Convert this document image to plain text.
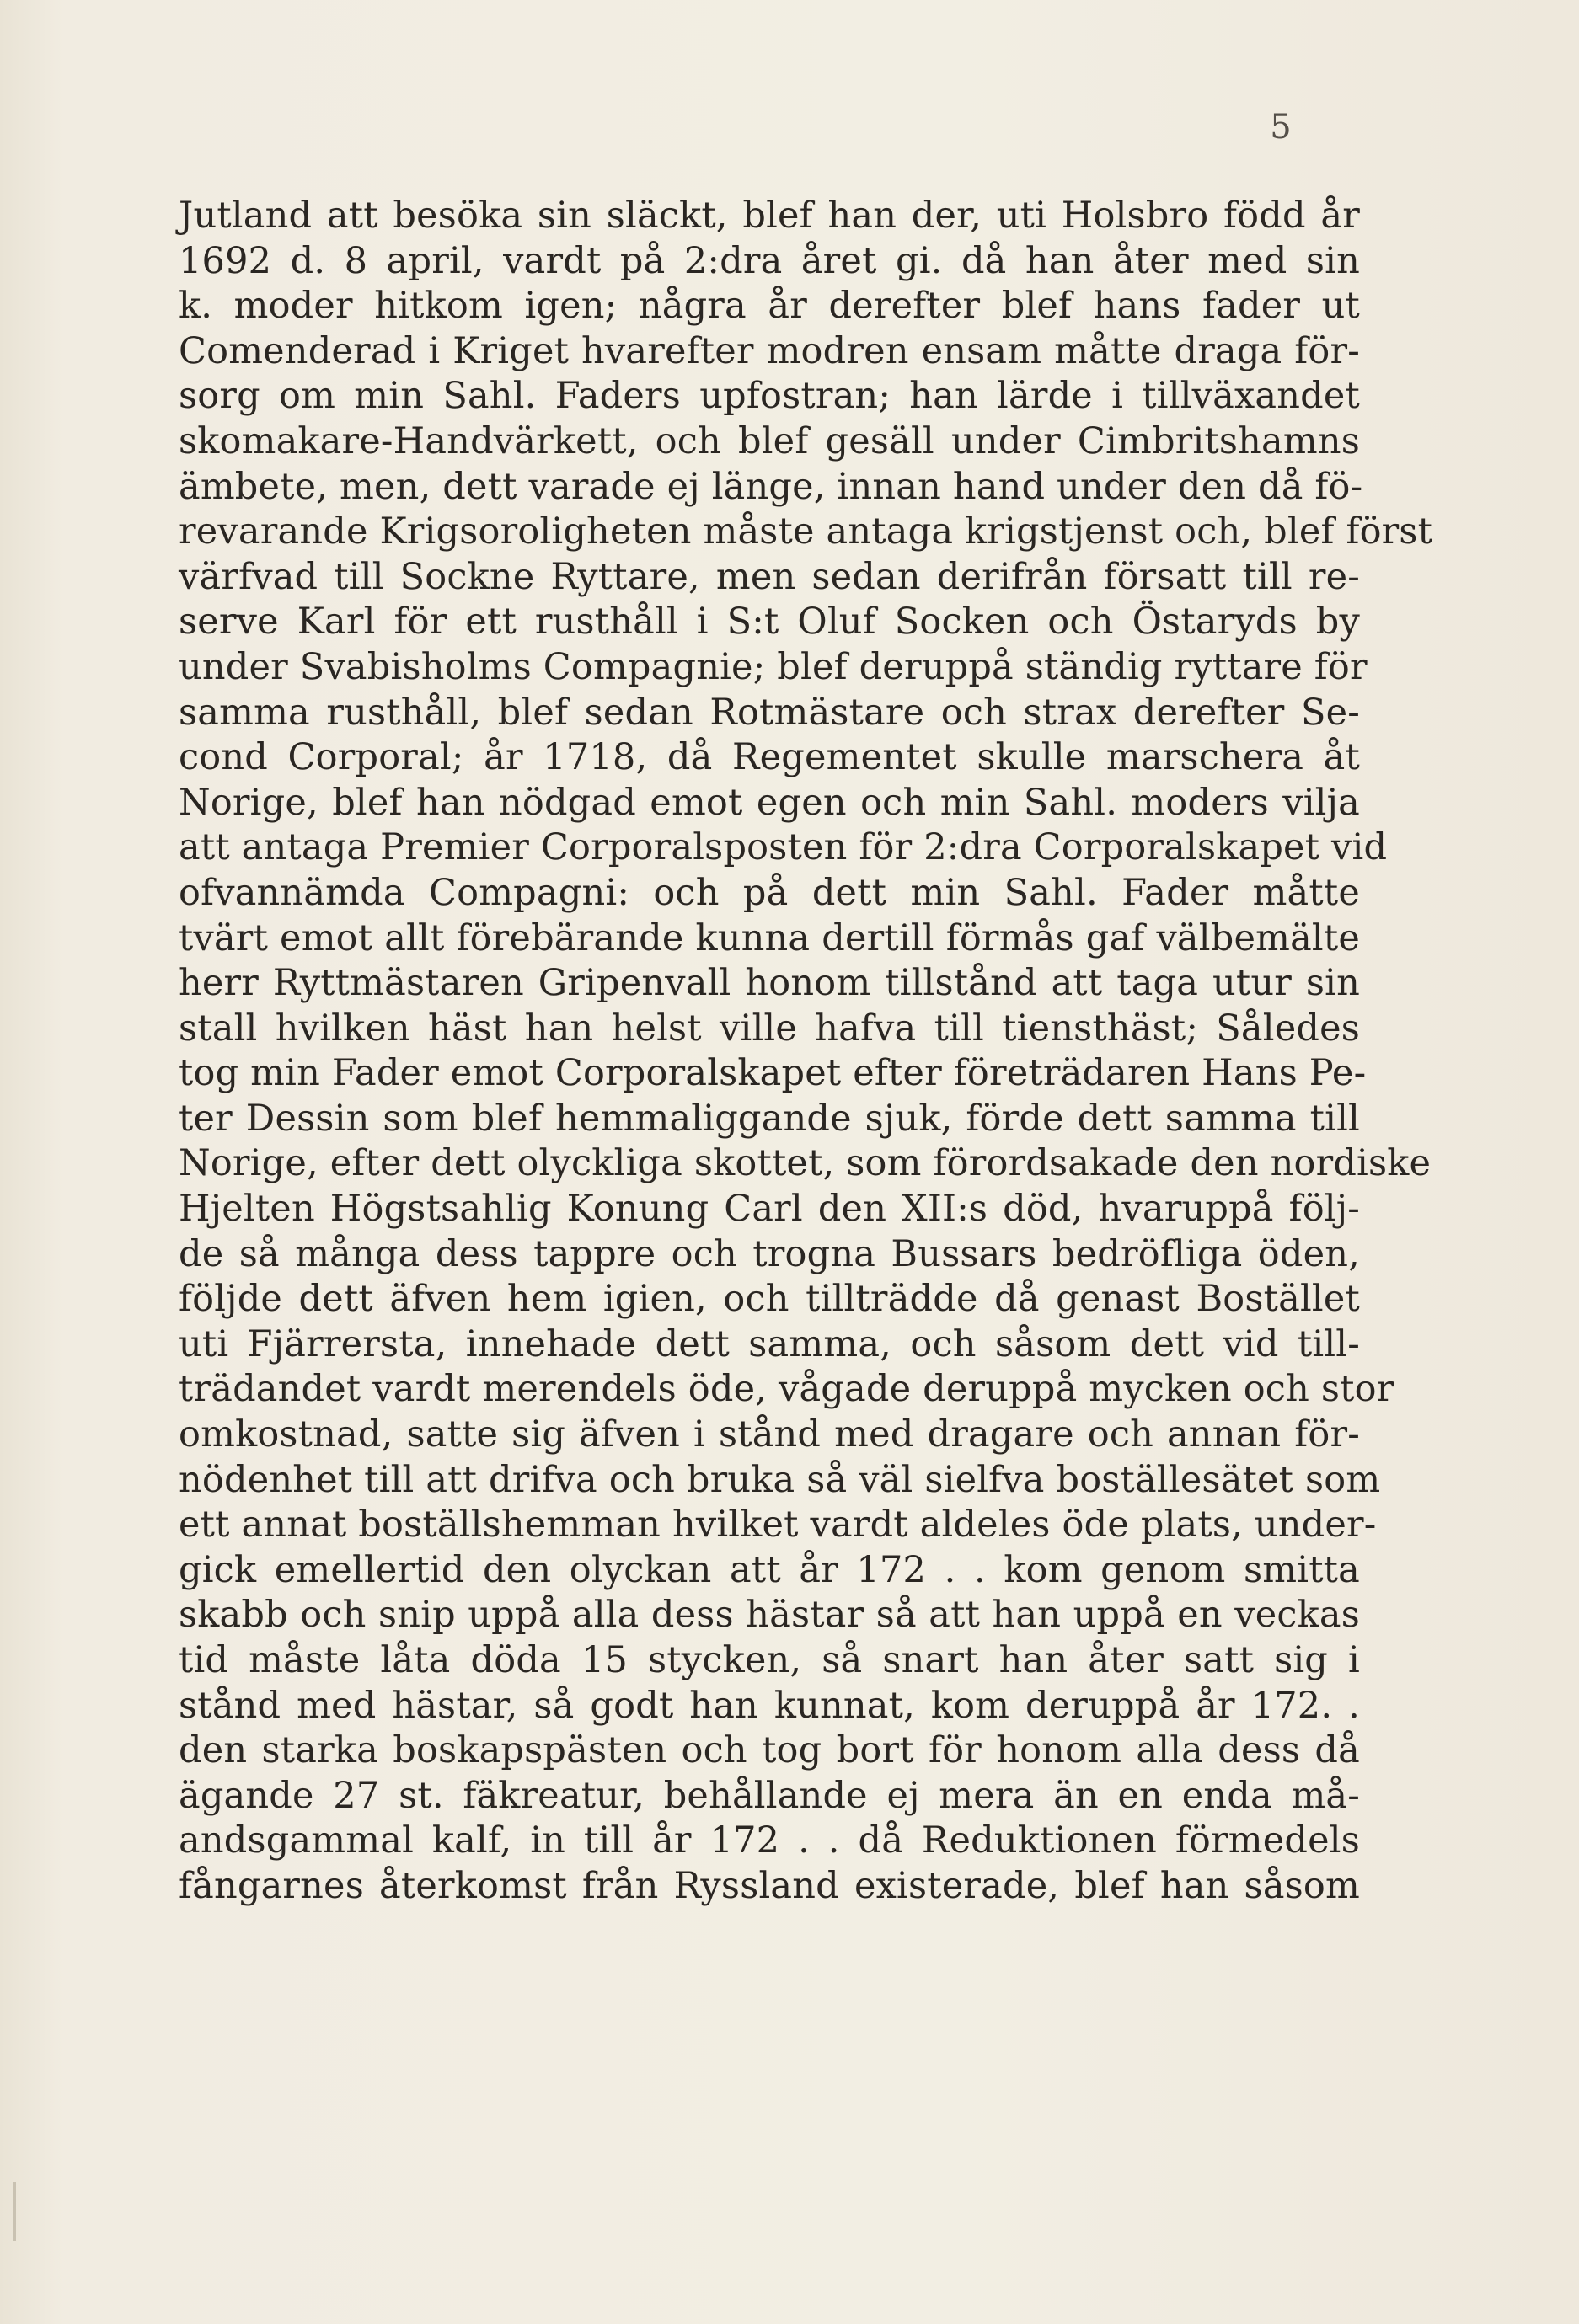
5
Jutland att besöka sin släckt, blef han der, uti Holsbro född år
1692 d. 8 april, vardt på 2:dra året gi. då han åter med sin
k. moder hitkom igen; några år derefter blef hans fader ut
Comenderad i Kriget hvarefter modren ensam måtte draga för-
sorg om min Sahl. Faders upfostran; han lärde i tillväxandet
skomakare-Handvärkett, och blef gesäll under Cimbritshamns
ämbete, men, dett varade ej länge, innan hand under den då fö-
revarande Krigsoroligheten måste antaga krigstjenst och, blef först
värfvad till Sockne Ryttare, men sedan derifrån försatt till re-
serve Karl för ett rusthåll i S:t Oluf Socken och Östaryds by
under Svabisholms Compagnie; blef deruppå ständig ryttare för
samma rusthåll, blef sedan Rotmästare och strax derefter Se-
cond Corporal; år 1718, då Regementet skulle marschera åt
Norige, blef han nödgad emot egen och min Sahl. moders vilja
att antaga Premier Corporalsposten för 2:dra Corporalskapet vid
ofvannämda Compagni: och på dett min Sahl. Fader måtte
tvärt emot allt förebärande kunna dertill förmås gaf välbemälte
herr Ryttmästaren Gripenvall honom tillstånd att taga utur sin
stall hvilken häst han helst ville hafva till tiensthäst; Således
tog min Fader emot Corporalskapet efter företrädaren Hans Pe-
ter Dessin som blef hemmaliggande sjuk, förde dett samma till
Norige, efter dett olyckliga skottet, som förordsakade den nordiske
Hjelten Högstsahlig Konung Carl den XII:s död, hvaruppå följ-
de så många dess tappre och trogna Bussars bedröfliga öden,
följde dett äfven hem igien, och tillträdde då genast Bostället
uti Fjärrersta, innehade dett samma, och såsom dett vid till-
trädandet vardt merendels öde, vågade deruppå mycken och stor
omkostnad, satte sig äfven i stånd med dragare och annan för-
nödenhet till att drifva och bruka så väl sielfva boställesätet som
ett annat boställshemman hvilket vardt aldeles öde plats, under-
gick emellertid den olyckan att år 172 . . kom genom smitta
skabb och snip uppå alla dess hästar så att han uppå en veckas
tid måste låta döda 15 stycken, så snart han åter satt sig i
stånd med hästar, så godt han kunnat, kom deruppå år 172. .
den starka boskapspästen och tog bort för honom alla dess då
ägande 27 st. fäkreatur, behållande ej mera än en enda må-
andsgammal kalf, in till år 172 . . då Reduktionen förmedels
fångarnes återkomst från Ryssland existerade, blef han såsom
